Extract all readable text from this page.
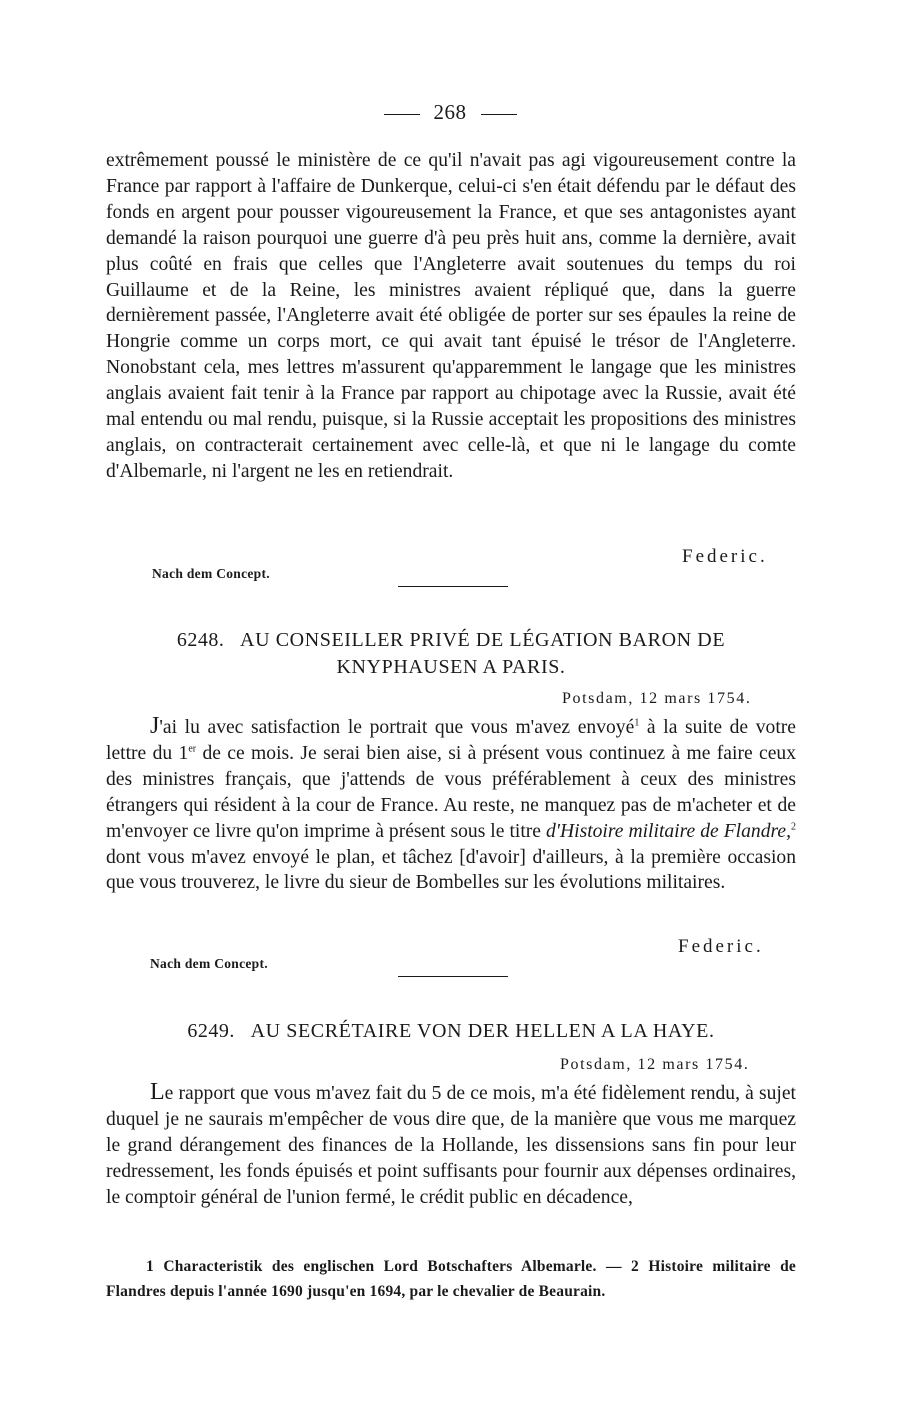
268

extrêmement poussé le ministère de ce qu'il n'avait pas agi vigoureusement contre la France par rapport à l'affaire de Dunkerque, celui-ci s'en était défendu par le défaut des fonds en argent pour pousser vigoureusement la France, et que ses antagonistes ayant demandé la raison pourquoi une guerre d'à peu près huit ans, comme la dernière, avait plus coûté en frais que celles que l'Angleterre avait soutenues du temps du roi Guillaume et de la Reine, les ministres avaient répliqué que, dans la guerre dernièrement passée, l'Angleterre avait été obligée de porter sur ses épaules la reine de Hongrie comme un corps mort, ce qui avait tant épuisé le trésor de l'Angleterre. Nonobstant cela, mes lettres m'assurent qu'apparemment le langage que les ministres anglais avaient fait tenir à la France par rapport au chipotage avec la Russie, avait été mal entendu ou mal rendu, puisque, si la Russie acceptait les propositions des ministres anglais, on contracterait certainement avec celle-là, et que ni le langage du comte d'Albemarle, ni l'argent ne les en retiendrait.

Federic.
Nach dem Concept.
6248. AU CONSEILLER PRIVÉ DE LÉGATION BARON DE
KNYPHAUSEN A PARIS.
Potsdam, 12 mars 1754.

J'ai lu avec satisfaction le portrait que vous m'avez envoyé$^1$ à la suite de votre lettre du 1er de ce mois. Je serai bien aise, si à présent vous continuez à me faire ceux des ministres français, que j'attends de vous préférablement à ceux des ministres étrangers qui résident à la cour de France. Au reste, ne manquez pas de m'acheter et de m'envoyer ce livre qu'on imprime à présent sous le titre d'Histoire militaire de Flandre,$^2$ dont vous m'avez envoyé le plan, et tâchez [d'avoir] d'ailleurs, à la première occasion que vous trouverez, le livre du sieur de Bombelles sur les évolutions militaires.

Federic.
Nach dem Concept.
6249. AU SECRÉTAIRE VON DER HELLEN A LA HAYE.
Potsdam, 12 mars 1754.

Le rapport que vous m'avez fait du 5 de ce mois, m'a été fidèlement rendu, à sujet duquel je ne saurais m'empêcher de vous dire que, de la manière que vous me marquez le grand dérangement des finances de la Hollande, les dissensions sans fin pour leur redressement, les fonds épuisés et point suffisants pour fournir aux dépenses ordinaires, le comptoir général de l'union fermé, le crédit public en décadence,

1 Characteristik des englischen Lord Botschafters Albemarle. — 2 Histoire militaire de Flandres depuis l'année 1690 jusqu'en 1694, par le chevalier de Beaurain.
